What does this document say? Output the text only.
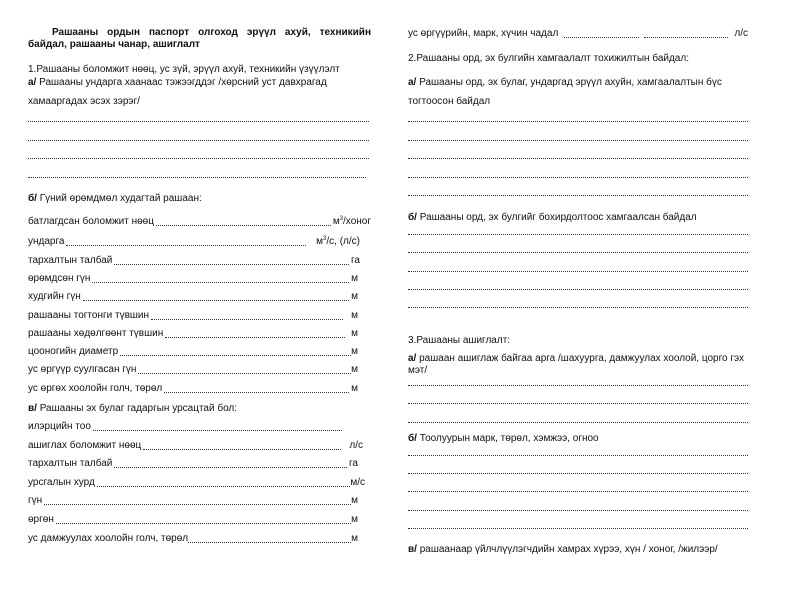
Рашааны ордын паспорт олгоход эрүүл ахуй, техникийн байдал, рашааны чанар, ашиглалт
1.Рашааны боломжит нөөц, ус зүй, эрүүл ахуй, техникийн үзүүлэлт
а/ Рашааны ундарга хаанаас тэжээгддэг /хөрсний уст давхрагад
хамааргадах эсэх зэрэг/
б/ Гүний өрөмдмөл худагтай рашаан:
батлагдсан боломжит нөөц	$м^3$/хоног
ундарга	$м^3/с$, (л/с)
тархалтын талбай	га
өрөмдсөн гүн	м
худгийн гүн	м
рашааны тогтонги түвшин	м
рашааны хөдөлгөөнт түвшин	м
цооногийн диаметр	м
ус өргүүр суулгасан гүн	м
ус өргөх хоолойн голч, төрөл	м
в/ Рашааны эх булаг гадаргын урсацтай бол:
илэрцийн тоо
ашиглах боломжит нөөц	л/с
тархалтын талбай	га
урсгалын хурд	м/с
гүн	м
өргөн	м
ус дамжуулах хоолойн голч, төрөл	м
ус өргүүрийн, марк, хүчин чадал	л/с
2.Рашааны орд, эх булгийн хамгаалалт тохижилтын байдал:
а/ Рашааны орд, эх булаг, ундаргад эрүүл ахуйн, хамгаалалтын бүс
тогтоосон байдал
б/ Рашааны орд, эх булгийг бохирдолтоос хамгаалсан байдал
3.Рашааны ашиглалт:
а/ рашаан ашиглаж байгаа арга /шахуурга, дамжуулах хоолой, цорго гэх мэт/
б/ Тоолуурын марк, төрөл, хэмжээ, огноо
в/ рашаанаар үйлчлүүлэгчдийн хамрах хүрээ, хүн / хоног, /жилээр/
